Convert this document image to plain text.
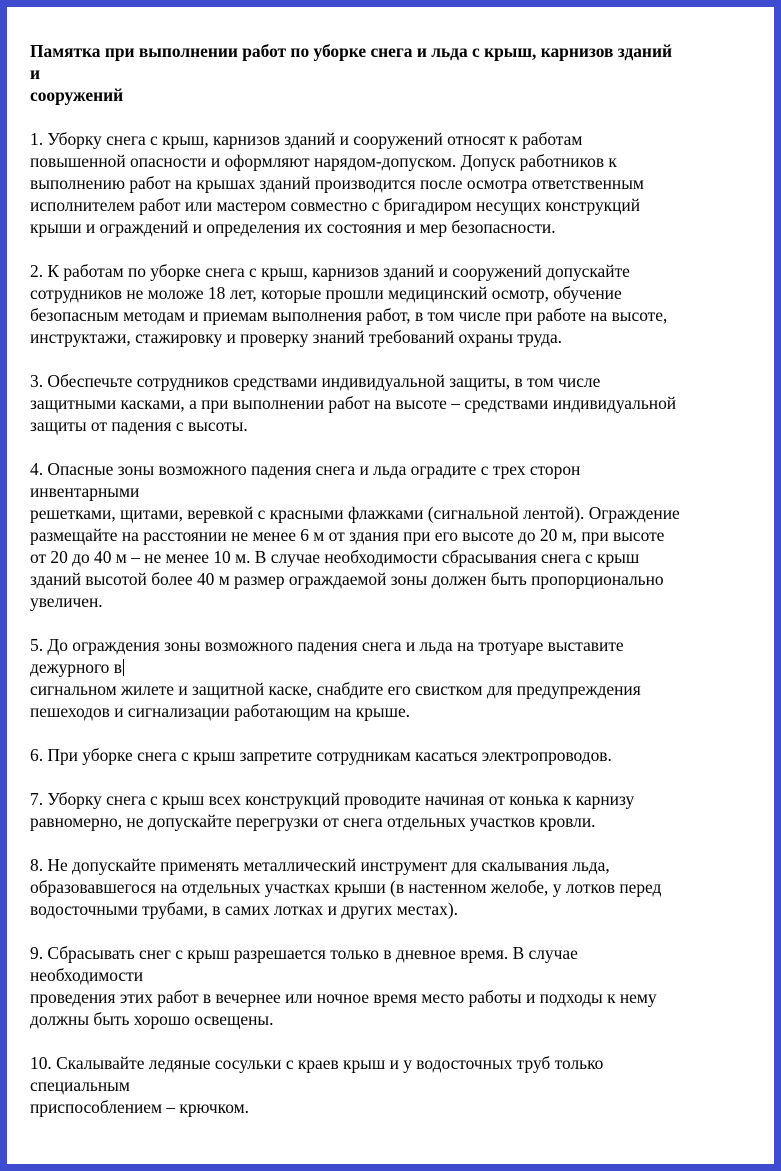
Памятка при выполнении работ по уборке снега и льда с крыш, карнизов зданий
и
сооружений
1. Уборку снега с крыш, карнизов зданий и сооружений относят к работам
повышенной опасности и оформляют нарядом-допуском. Допуск работников к
выполнению работ на крышах зданий производится после осмотра ответственным
исполнителем работ или мастером совместно с бригадиром несущих конструкций
крыши и ограждений и определения их состояния и мер безопасности.
2. К работам по уборке снега с крыш, карнизов зданий и сооружений допускайте
сотрудников не моложе 18 лет, которые прошли медицинский осмотр, обучение
безопасным методам и приемам выполнения работ, в том числе при работе на высоте,
инструктажи, стажировку и проверку знаний требований охраны труда.
3. Обеспечьте сотрудников средствами индивидуальной защиты, в том числе
защитными касками, а при выполнении работ на высоте – средствами индивидуальной
защиты от падения с высоты.
4. Опасные зоны возможного падения снега и льда оградите с трех сторон
инвентарными
решетками, щитами, веревкой с красными флажками (сигнальной лентой). Ограждение
размещайте на расстоянии не менее 6 м от здания при его высоте до 20 м, при высоте
от 20 до 40 м – не менее 10 м. В случае необходимости сбрасывания снега с крыш
зданий высотой более 40 м размер ограждаемой зоны должен быть пропорционально
увеличен.
5. До ограждения зоны возможного падения снега и льда на тротуаре выставите
дежурного в
сигнальном жилете и защитной каске, снабдите его свистком для предупреждения
пешеходов и сигнализации работающим на крыше.
6. При уборке снега с крыш запретите сотрудникам касаться электропроводов.
7. Уборку снега с крыш всех конструкций проводите начиная от конька к карнизу
равномерно, не допускайте перегрузки от снега отдельных участков кровли.
8. Не допускайте применять металлический инструмент для скалывания льда,
образовавшегося на отдельных участках крыши (в настенном желобе, у лотков перед
водосточными трубами, в самих лотках и других местах).
9. Сбрасывать снег с крыш разрешается только в дневное время. В случае
необходимости
проведения этих работ в вечернее или ночное время место работы и подходы к нему
должны быть хорошо освещены.
10. Скалывайте ледяные сосульки с краев крыш и у водосточных труб только
специальным
приспособлением – крючком.
